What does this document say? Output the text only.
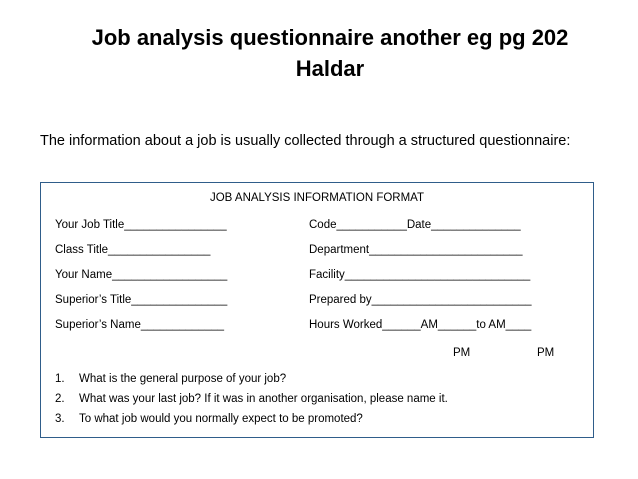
Job analysis questionnaire another eg pg 202
Haldar

The information about a job is usually collected through a structured questionnaire:

JOB ANALYSIS INFORMATION FORMAT
Your Job Title________________
Class Title________________
Your Name__________________
Superior’s Title_______________
Superior’s Name_____________
Code___________Date______________
Department________________________
Facility_____________________________
Prepared by_________________________
Hours Worked______AM______to AM____
PM	PM
1. What is the general purpose of your job?
2. What was your last job? If it was in another organisation, please name it.
3. To what job would you normally expect to be promoted?
